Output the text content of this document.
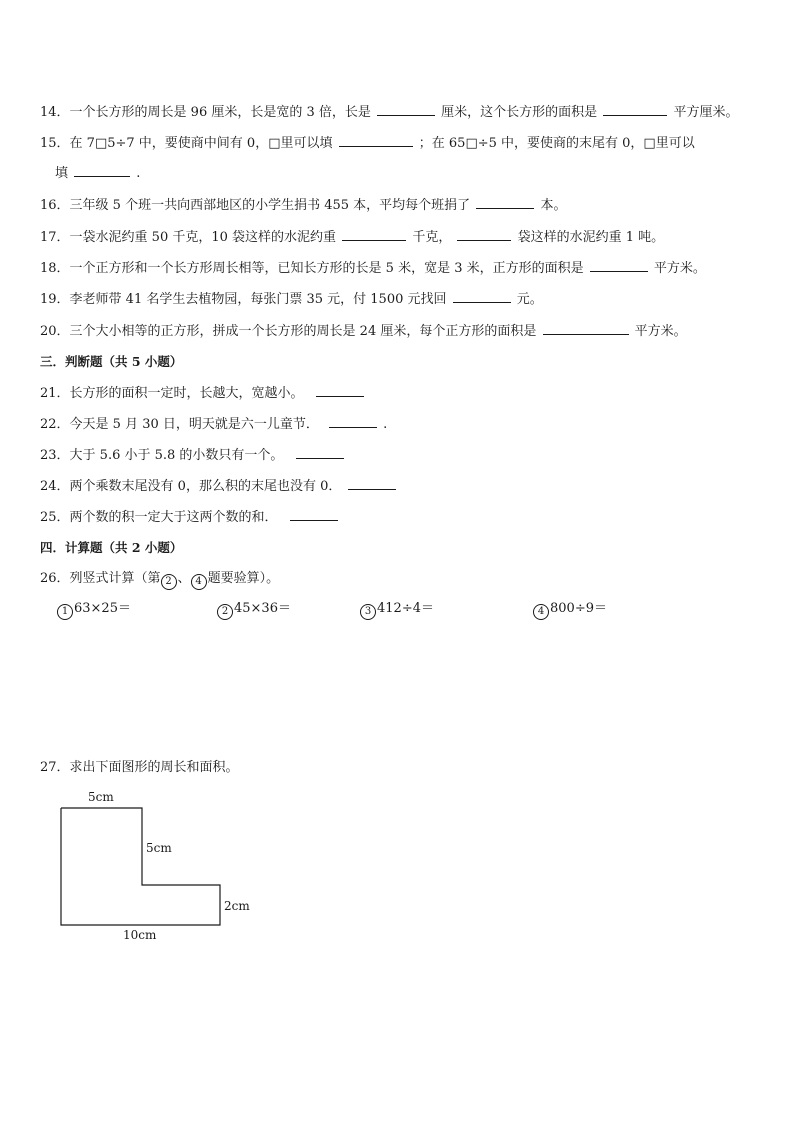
14．一个长方形的周长是 96 厘米，长是宽的 3 倍，长是	厘米，这个长方形的面积是	平方厘米。
15．在 7□5÷7 中，要使商中间有 0，□里可以填	；在 65□÷5 中，要使商的末尾有 0，□里可以
填	.
16．三年级 5 个班一共向西部地区的小学生捐书 455 本，平均每个班捐了	本。
17．一袋水泥约重 50 千克，10 袋这样的水泥约重	千克，	袋这样的水泥约重 1 吨。
18．一个正方形和一个长方形周长相等，已知长方形的长是 5 米，宽是 3 米，正方形的面积是	平方米。
19．李老师带 41 名学生去植物园，每张门票 35 元，付 1500 元找回	元。
20．三个大小相等的正方形，拼成一个长方形的周长是 24 厘米，每个正方形的面积是	平方米。
三．判断题（共 5 小题）
21．长方形的面积一定时，长越大，宽越小。
22．今天是 5 月 30 日，明天就是六一儿童节．	.
23．大于 5.6 小于 5.8 的小数只有一个。
24．两个乘数末尾没有 0，那么积的末尾也没有 0．
25．两个数的积一定大于这两个数的和．
四．计算题（共 2 小题）
26．列竖式计算（第 2 、 4 题要验算）。
1 63×25＝	2 45×36＝	3 412÷4＝	4 800÷9＝
27．求出下面图形的周长和面积。
5cm
5cm
2cm
10cm
